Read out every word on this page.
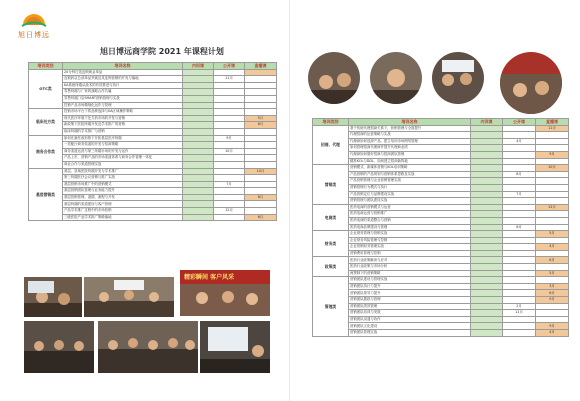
旭日博远
旭日博远商学院 2021 年课程计划
培训类别	培训名称	内训课	公开课	直播课
OTC类	20分钟打造连锁黄金单品			
	连锁药店总部单品突破及其连锁营销的开发与落地		11月	
	KA系统终端从战术的有效推进与执行			
	零售终端与厂家的战略合作共赢			
	零售终端门店SMART营销管理与实战			
	控销产品市场精细化运作与管理			
临床处方类	控销市场平台下的品种选择与KA区域操作策略			
	现代医疗环境下处方药市场的开发与营销			5月
	新政策下医院终端开发及学术推广的营销			6月
	临床终端的学术推广与营销			
商务合作类	如何在新医改形势下开拓基层医疗终端		9月	
	一类配行商务渠道的开发与招商策略			
	商务渠道运营与第三终端市场的开发与运作		10月	
	产品上市、营销产品的市场渠道体系与商务合作管理一体化			
	商业合作与渠道管理实战			
基层营销类	基层、县域医院终端开发与学术推广			10月
	第三终端医疗会议营销与推广实战			
	基层营销市场推广中的营销模式		7月	
	基层营销团队管理与业务能力提升			
	基层营销管理、道德、流程与开发			8月
	基层终端的渠道建设与客户管理			
	产品学术推广过程中的市场营销		12月	
	三级医院产品学术推广策略落地			6月
精彩瞬间 客户风采
培训类别	培训名称	内训课	公开课	直播课
招商、代理	基于传统代理招商关系下，营销管理与全面提升			11月
	代理招商的运营策略与实战			
	代理商如何选择产品、建立培训市场网络管理		4月	
	如何管理招商代理商并提升代理商业绩			
	代理商如何做好招商与招商团队管理			9月
	精准KOL与DDL，如何建立招商新阵地			
营销类	营销模式、新媒体营销与KOL培训策略			10月
	产品营销的产品规划与营销体系思路及实战		8月	
	产品营销管理与企业营销管理实战			
	营销管理行为模式与执行			
	产品营销定位与品牌建设实战		7月	
	营销管理与团队建设实战			
电商类	医药电商的营销模式与运营			12月
	医药电商运营与营销推广			
	医药电商的渠道整合与营销			
	医药电商品牌建设与管理		6月	
财务类	企业财务管理与营销实战			5月
	企业财务风险管理与控制			
	企业营销财务管理实战			4月
	营销费用管理与控制			
政策类	医药行业政策解读与应对			6月
	医药行业政策与市场分析			
	两票制下的营销策略			5月
管理类	营销团队建设与管理实战			
	营销团队执行力提升			3月
	营销团队领导力提升			6月
	营销团队激励与管理			9月
	营销团队绩效管理		2月	
	营销团队培训与发展		11月	
	营销团队沟通与协作			
	营销团队文化建设			9月
	营销团队管理实战			4月
